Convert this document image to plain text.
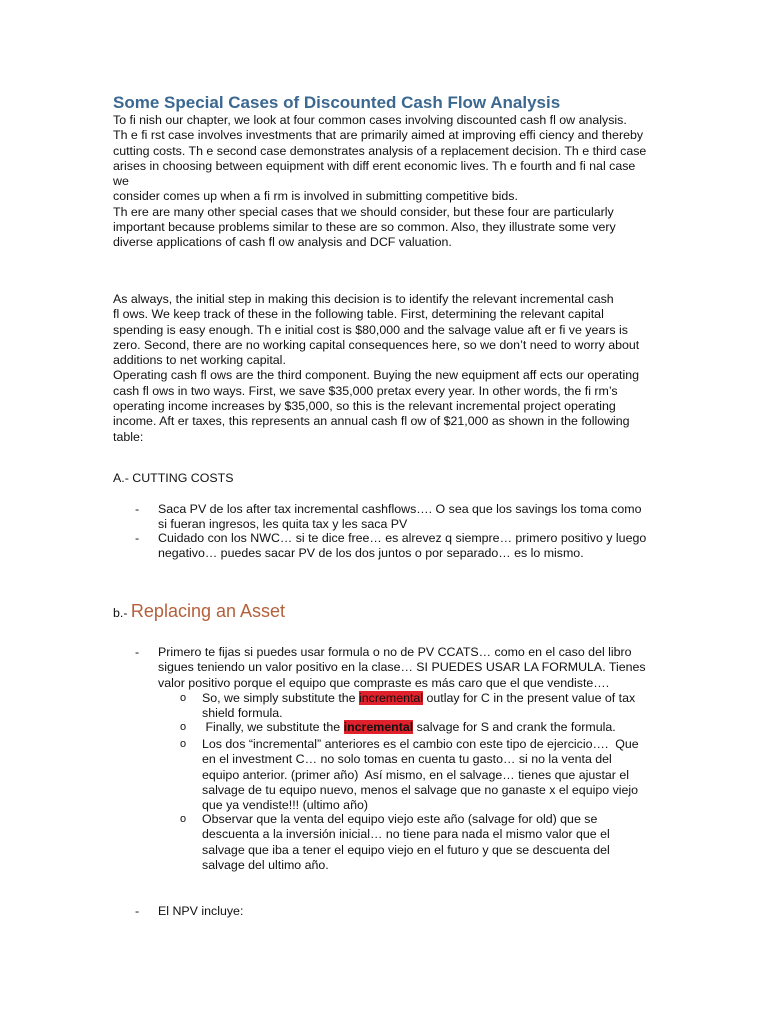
Some Special Cases of Discounted Cash Flow Analysis
To fi nish our chapter, we look at four common cases involving discounted cash fl ow analysis.
Th e fi rst case involves investments that are primarily aimed at improving effi ciency and thereby
cutting costs. Th e second case demonstrates analysis of a replacement decision. Th e third case
arises in choosing between equipment with diff erent economic lives. Th e fourth and fi nal case
we
consider comes up when a fi rm is involved in submitting competitive bids.
Th ere are many other special cases that we should consider, but these four are particularly
important because problems similar to these are so common. Also, they illustrate some very
diverse applications of cash fl ow analysis and DCF valuation.
As always, the initial step in making this decision is to identify the relevant incremental cash
fl ows. We keep track of these in the following table. First, determining the relevant capital
spending is easy enough. Th e initial cost is $80,000 and the salvage value aft er fi ve years is
zero. Second, there are no working capital consequences here, so we don’t need to worry about
additions to net working capital.
Operating cash fl ows are the third component. Buying the new equipment aff ects our operating
cash fl ows in two ways. First, we save $35,000 pretax every year. In other words, the fi rm’s
operating income increases by $35,000, so this is the relevant incremental project operating
income. Aft er taxes, this represents an annual cash fl ow of $21,000 as shown in the following
table:
A.- CUTTING COSTS
- Saca PV de los after tax incremental cashflows…. O sea que los savings los toma como
si fueran ingresos, les quita tax y les saca PV
- Cuidado con los NWC… si te dice free… es alrevez q siempre… primero positivo y luego
negativo… puedes sacar PV de los dos juntos o por separado… es lo mismo.
b.- Replacing an Asset
- Primero te fijas si puedes usar formula o no de PV CCATS… como en el caso del libro
sigues teniendo un valor positivo en la clase… SI PUEDES USAR LA FORMULA. Tienes
valor positivo porque el equipo que compraste es más caro que el que vendiste….
o So, we simply substitute the incremental outlay for C in the present value of tax
shield formula.
o Finally, we substitute the incremental salvage for S and crank the formula.
o Los dos “incremental” anteriores es el cambio con este tipo de ejercicio….  Que
en el investment C… no solo tomas en cuenta tu gasto… si no la venta del
equipo anterior. (primer año)  Así mismo, en el salvage… tienes que ajustar el
salvage de tu equipo nuevo, menos el salvage que no ganaste x el equipo viejo
que ya vendiste!!! (ultimo año)
o Observar que la venta del equipo viejo este año (salvage for old) que se
descuenta a la inversión inicial… no tiene para nada el mismo valor que el
salvage que iba a tener el equipo viejo en el futuro y que se descuenta del
salvage del ultimo año.
- El NPV incluye:
